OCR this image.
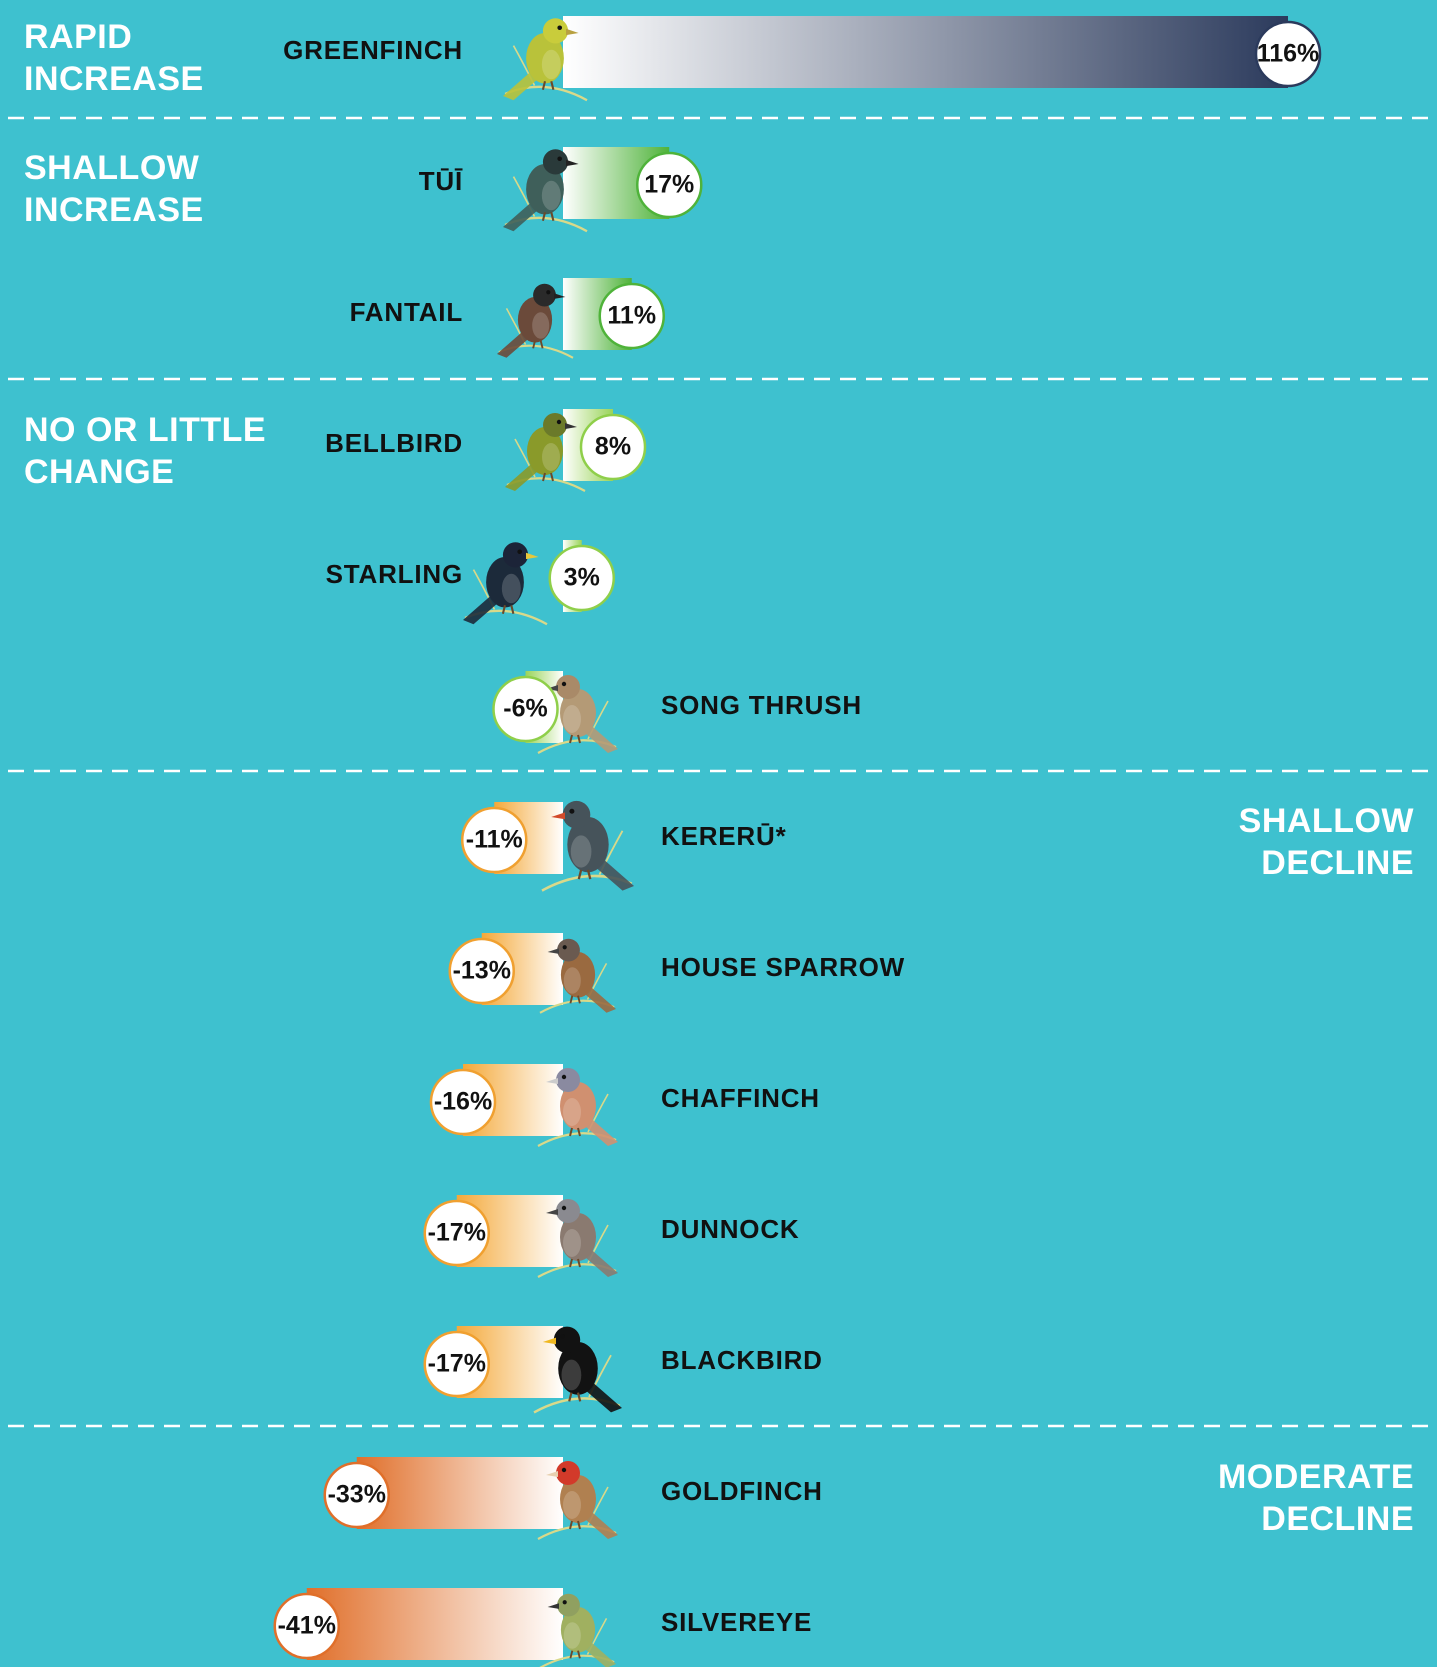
RAPID INCREASE
SHALLOW INCREASE
NO OR LITTLE CHANGE
SHALLOW DECLINE
MODERATE DECLINE
116%
17%
11%
8%
3%
-6%
-11%
-13%
-16%
-17%
-17%
-33%
-41%
GREENFINCH
TŪĪ
FANTAIL
BELLBIRD
STARLING
SONG THRUSH
KERERŪ*
HOUSE SPARROW
CHAFFINCH
DUNNOCK
BLACKBIRD
GOLDFINCH
SILVEREYE
